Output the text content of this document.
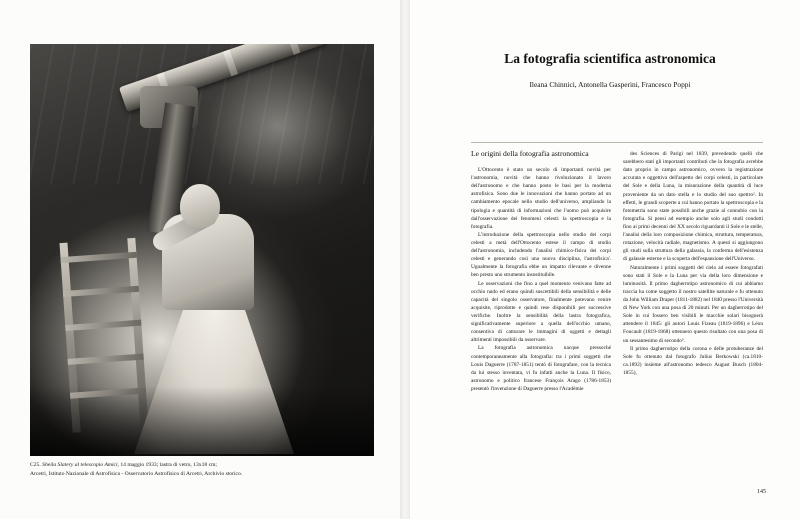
C25. Sheila Slatery al telescopio Amici, 14 maggio 1933; lastra di vetro, 13x18 cm;
Arcetri, Istituto Nazionale di Astrofisica - Osservatorio Astrofisico di Arcetri, Archivio storico.
La fotografia scientifica astronomica
Ileana Chinnici, Antonella Gasperini, Francesco Poppi
Le origini della fotografia astronomica

L'Ottocento è stato un secolo di importanti novità per l'astronomia, novità che hanno rivoluzionato il lavoro dell'astronomo e che hanno posto le basi per la moderna astrofisica. Sono due le innovazioni che hanno portato ad un cambiamento epocale nello studio dell'universo, ampliando la tipologia e quantità di informazioni che l'uomo può acquisire dall'osservazione dei fenomeni celesti: la spettroscopia e la fotografia.

L'introduzione della spettroscopia nello studio dei corpi celesti a metà dell'Ottocento estese il campo di studio dell'astronomia, includendo l'analisi chimico-fisica dei corpi celesti e generando così una nuova disciplina, l'astrofisica'. Ugualmente la fotografia ebbe un impatto rilevante e divenne ben presto uno strumento insostituibile.

Le osservazioni che fino a quel momento venivano fatte ad occhio nudo ed erano quindi suscettibili della sensibilità e delle capacità del singolo osservatore, finalmente potevano venire acquisite, riprodotte e quindi rese disponibili per successive verifiche. Inoltre la sensibilità della lastra fotografica, significativamente superiore a quella dell'occhio umano, consentiva di catturare le immagini di oggetti e dettagli altrimenti impossibili da osservare.

La fotografia astronomica nacque pressoché contemporaneamente alla fotografia: tra i primi soggetti che Louis Daguerre (1787-1851) tentò di fotografare, con la tecnica da lui stesso inventata, vi fu infatti anche la Luna. Il fisico, astronomo e politico francese François Arago (1786-1853) presentò l'invenzione di Daguerre presso l'Académie

des Sciences di Parigi nel 1839, prevedendo quelli che sarebbero stati gli importanti contributi che la fotografia avrebbe dato proprio in campo astronomico, ovvero la registrazione accurata e oggettiva dell'aspetto dei corpi celesti, in particolare del Sole e della Luna, la misurazione della quantità di luce proveniente da un dato stella e lo studio del suo spettro². In effetti, le grandi scoperte a cui hanno portato la spettroscopia e la fotometria sono state possibili anche grazie al connubio con la fotografia. Si pensi ad esempio anche solo agli studi condotti fino ai primi decenni del XX secolo riguardanti il Sole e le stelle, l'analisi della loro composizione chimica, struttura, temperatura, rotazione, velocità radiale, magnetismo. A questi si aggiungono gli studi sulla struttura della galassia, la conferma dell'esistenza di galassie esterne e la scoperta dell'espansione dell'Universo.

Naturalmente i primi soggetti del cielo ad essere fotografati sono stati il Sole e la Luna per via della loro dimensione e luminosità. Il primo dagherrotipo astronomico di cui abbiamo traccia ha come soggetto il nostro satellite naturale e fu ottenuto da John William Draper (1811-1882) nel 1840 presso l'Università di New York con una posa di 20 minuti. Per un dagherrotipo del Sole in cui fossero ben visibili le macchie solari bisognerà attendere il 1845: gli autori Louis Fizeau (1819-1896) e Léon Foucault (1819-1868) ottennero questo risultato con una posa di un sessantesimo di secondo³.

Il primo dagherrotipo della corona e delle protuberanze del Sole fu ottenuto dal fotografo Julius Berkowski (ca.1810-ca.1892) insieme all'astronomo tedesco August Busch (1804-1855),

145
